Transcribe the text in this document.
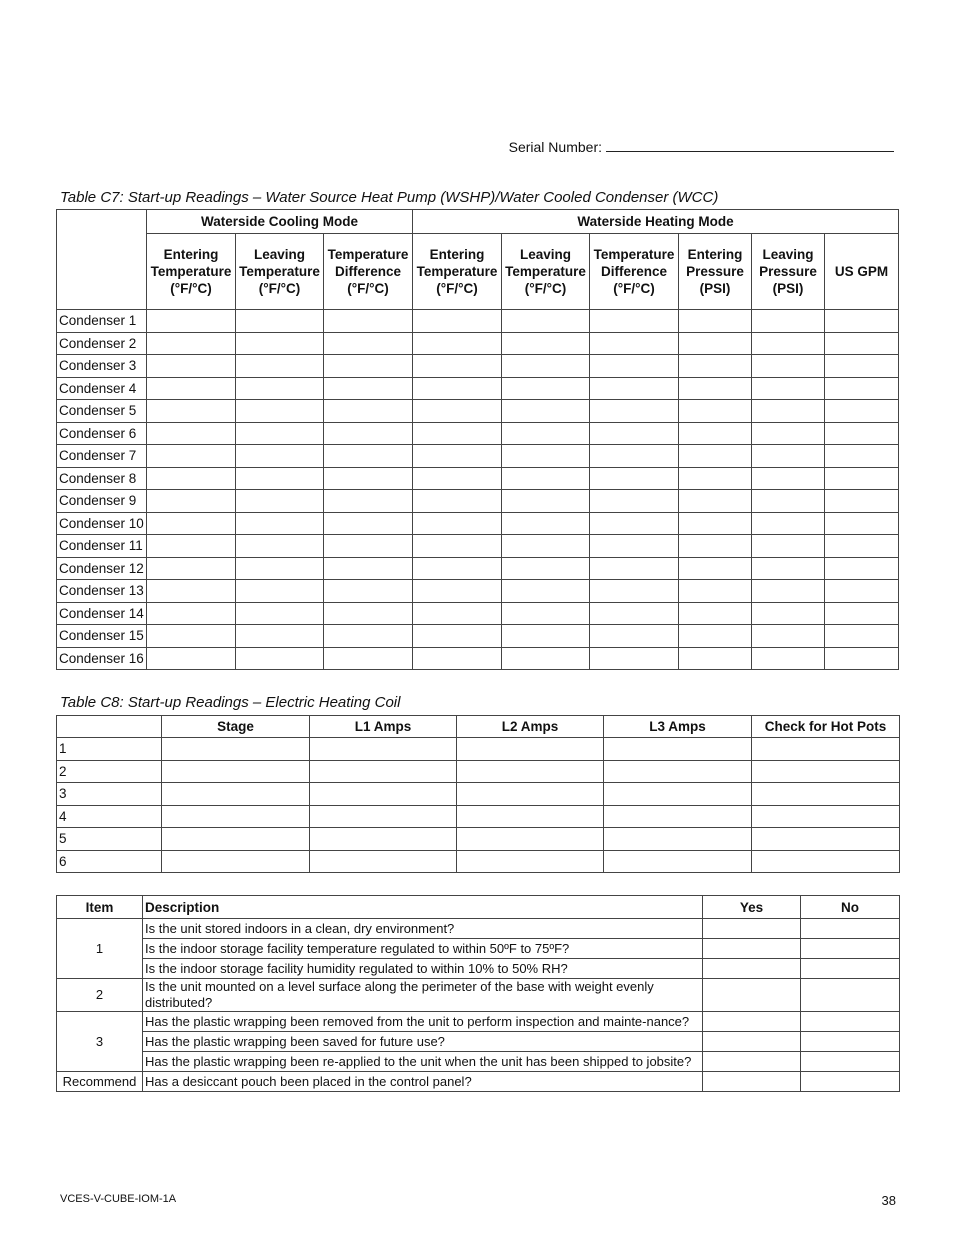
Serial Number:
Table C7: Start-up Readings – Water Source Heat Pump (WSHP)/Water Cooled Condenser (WCC)
	Waterside Cooling Mode			Waterside Heating Mode					
	Entering
Temperature
(°F/°C)	Leaving
Temperature
(°F/°C)	Temperature
Difference
(°F/°C)	Entering
Temperature
(°F/°C)	Leaving
Temperature
(°F/°C)	Temperature
Difference
(°F/°C)	Entering
Pressure
(PSI)	Leaving
Pressure
(PSI)	US GPM
Condenser 1									
Condenser 2									
Condenser 3									
Condenser 4									
Condenser 5									
Condenser 6									
Condenser 7									
Condenser 8									
Condenser 9									
Condenser 10									
Condenser 11									
Condenser 12									
Condenser 13									
Condenser 14									
Condenser 15									
Condenser 16									
Table C8: Start-up Readings – Electric Heating Coil
	Stage	L1 Amps	L2 Amps	L3 Amps	Check for Hot Pots
1					
2					
3					
4					
5					
6					
Item	Description	Yes	No
1	Is the unit stored indoors in a clean, dry environment?		
	Is the indoor storage facility temperature regulated to within 50ºF to 75ºF?		
	Is the indoor storage facility humidity regulated to within 10% to 50% RH?		
2	Is the unit mounted on a level surface along the perimeter of the base with weight evenly distributed?		
3	Has the plastic wrapping been removed from the unit to perform inspection and mainte-nance?		
	Has the plastic wrapping been saved for future use?		
	Has the plastic wrapping been re-applied to the unit when the unit has been shipped to jobsite?		
Recommend	Has a desiccant pouch been placed in the control panel?		
VCES-V-CUBE-IOM-1A	38
